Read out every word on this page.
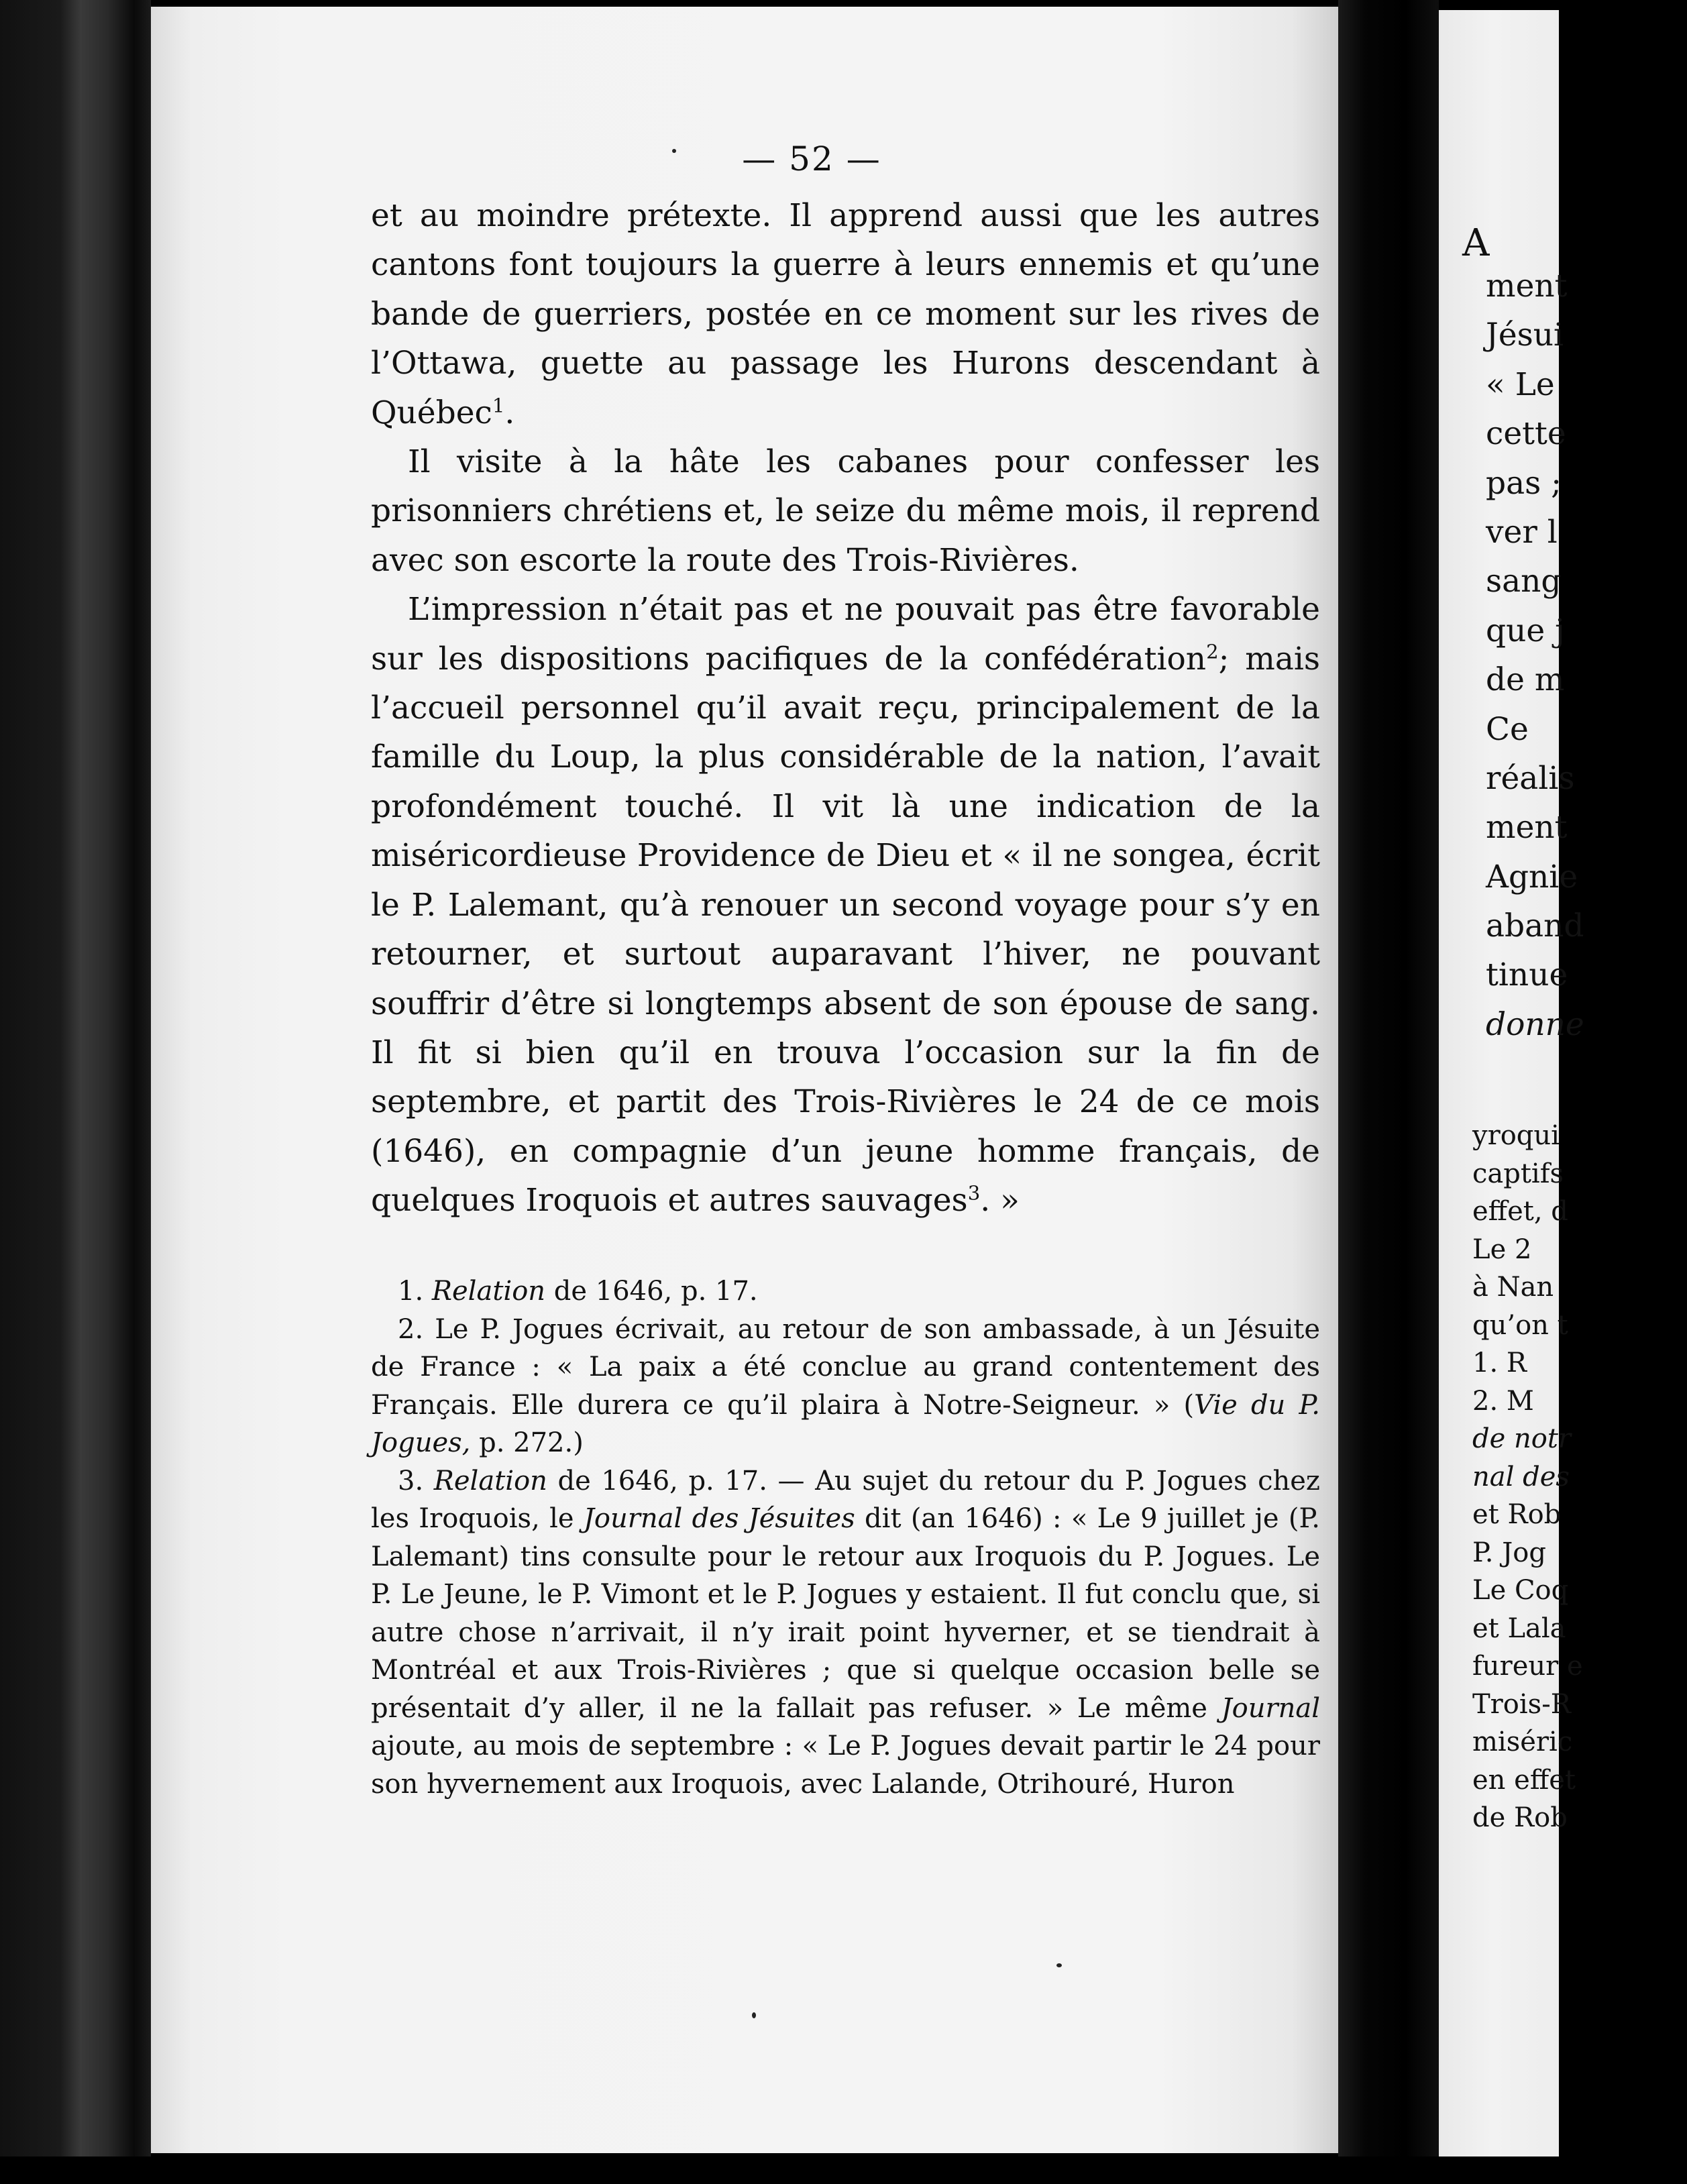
— 52 —

et au moindre prétexte. Il apprend aussi que les autres cantons font toujours la guerre à leurs ennemis et qu’une bande de guerriers, postée en ce moment sur les rives de l’Ottawa, guette au passage les Hurons descendant à Québec$^1$.

Il visite à la hâte les cabanes pour confesser les prisonniers chrétiens et, le seize du même mois, il reprend avec son escorte la route des Trois-Rivières.

L’impression n’était pas et ne pouvait pas être favorable sur les dispositions pacifiques de la confédération$^2$; mais l’accueil personnel qu’il avait reçu, principalement de la famille du Loup, la plus considérable de la nation, l’avait profondément touché. Il vit là une indication de la miséricordieuse Providence de Dieu et « il ne songea, écrit le P. Lalemant, qu’à renouer un second voyage pour s’y en retourner, et surtout auparavant l’hiver, ne pouvant souffrir d’être si longtemps absent de son épouse de sang. Il fit si bien qu’il en trouva l’occasion sur la fin de septembre, et partit des Trois-Rivières le 24 de ce mois (1646), en compagnie d’un jeune homme français, de quelques Iroquois et autres sauvages$^3$. »

1. Relation de 1646, p. 17.

2. Le P. Jogues écrivait, au retour de son ambassade, à un Jésuite de France : « La paix a été conclue au grand contentement des Français. Elle durera ce qu’il plaira à Notre-Seigneur. » (Vie du P. Jogues, p. 272.)

3. Relation de 1646, p. 17. — Au sujet du retour du P. Jogues chez les Iroquois, le Journal des Jésuites dit (an 1646) : « Le 9 juillet je (P. Lalemant) tins consulte pour le retour aux Iroquois du P. Jogues. Le P. Le Jeune, le P. Vimont et le P. Jogues y estaient. Il fut conclu que, si autre chose n’arrivait, il n’y irait point hyverner, et se tiendrait à Montréal et aux Trois-Rivières ; que si quelque occasion belle se présentait d’y aller, il ne la fallait pas refuser. » Le même Journal ajoute, au mois de septembre : « Le P. Jogues devait partir le 24 pour son hyvernement aux Iroquois, avec Lalande, Otrihouré, Huron

A
ment
Jésui
« Le
cette
pas ;
ver l
sang
que j
de m
Ce
réalis
ment
Agnie
aband
tinue
donne
yroqui
captifs
effet, d
Le 2
à Nan
qu’on t
1. R
2. M
de notr
nal des
et Rob
P. Jog
Le Coq
et Lala
fureur e
Trois-R
miséric
en effet
de Rob
